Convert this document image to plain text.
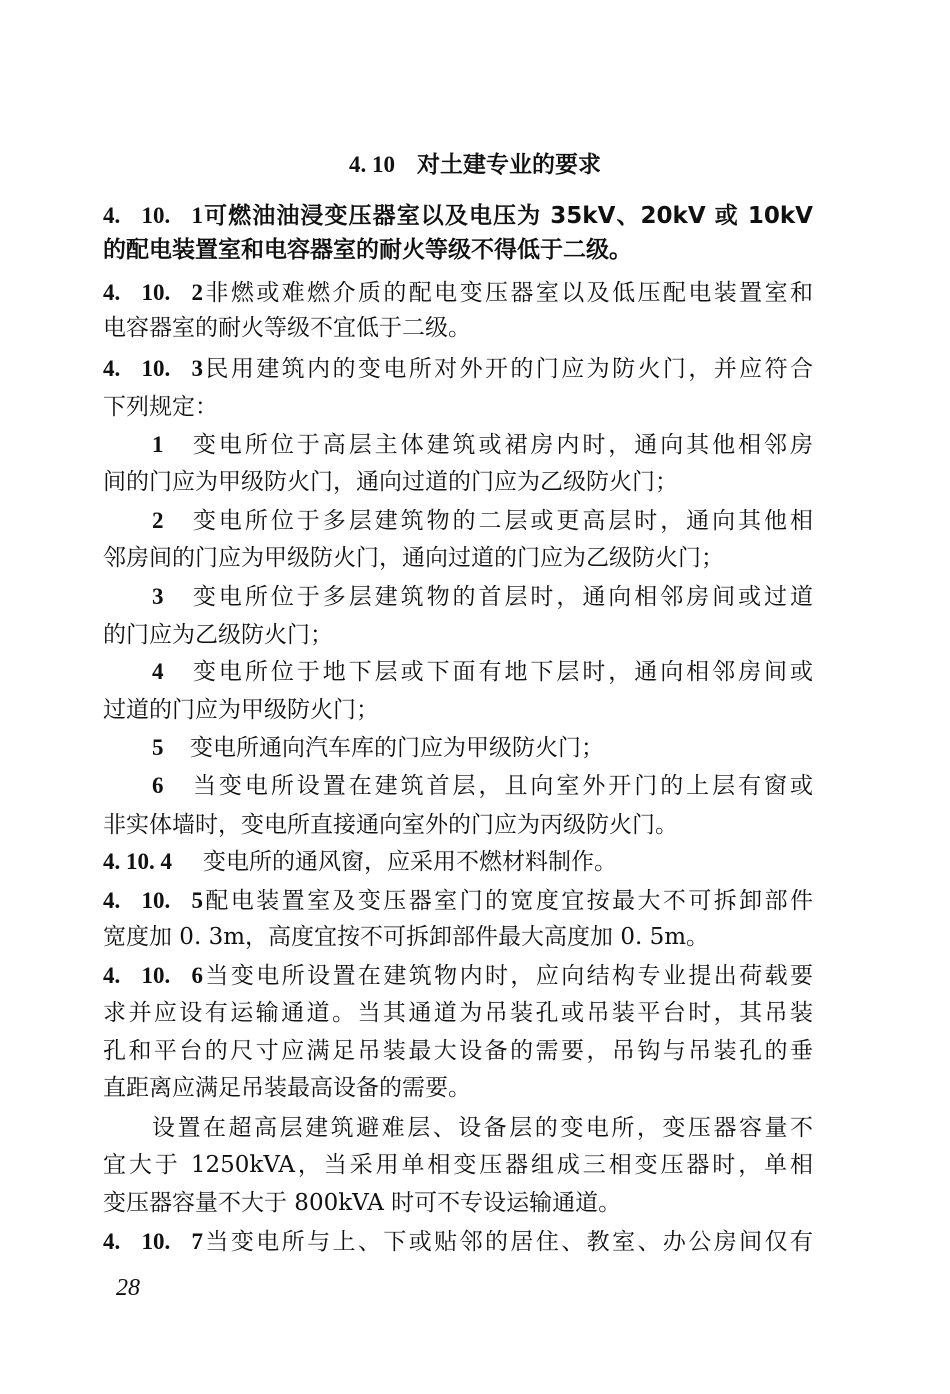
4. 10 对土建专业的要求
4. 10. 1可燃油油浸变压器室以及电压为 35kV、20kV 或 10kV
的配电装置室和电容器室的耐火等级不得低于二级。
4. 10. 2非燃或难燃介质的配电变压器室以及低压配电装置室和
电容器室的耐火等级不宜低于二级。
4. 10. 3民用建筑内的变电所对外开的门应为防火门，并应符合
下列规定：
1 变电所位于高层主体建筑或裙房内时，通向其他相邻房
间的门应为甲级防火门，通向过道的门应为乙级防火门；
2 变电所位于多层建筑物的二层或更高层时，通向其他相
邻房间的门应为甲级防火门，通向过道的门应为乙级防火门；
3 变电所位于多层建筑物的首层时，通向相邻房间或过道
的门应为乙级防火门；
4 变电所位于地下层或下面有地下层时，通向相邻房间或
过道的门应为甲级防火门；
5 变电所通向汽车库的门应为甲级防火门；
6 当变电所设置在建筑首层，且向室外开门的上层有窗或
非实体墙时，变电所直接通向室外的门应为丙级防火门。
4. 10. 4 变电所的通风窗，应采用不燃材料制作。
4. 10. 5配电装置室及变压器室门的宽度宜按最大不可拆卸部件
宽度加 0. 3m，高度宜按不可拆卸部件最大高度加 0. 5m。
4. 10. 6当变电所设置在建筑物内时，应向结构专业提出荷载要
求并应设有运输通道。当其通道为吊装孔或吊装平台时，其吊装
孔和平台的尺寸应满足吊装最大设备的需要，吊钩与吊装孔的垂
直距离应满足吊装最高设备的需要。
设置在超高层建筑避难层、设备层的变电所，变压器容量不
宜大于 1250kVA，当采用单相变压器组成三相变压器时，单相
变压器容量不大于 800kVA 时可不专设运输通道。
4. 10. 7当变电所与上、下或贴邻的居住、教室、办公房间仅有
28
